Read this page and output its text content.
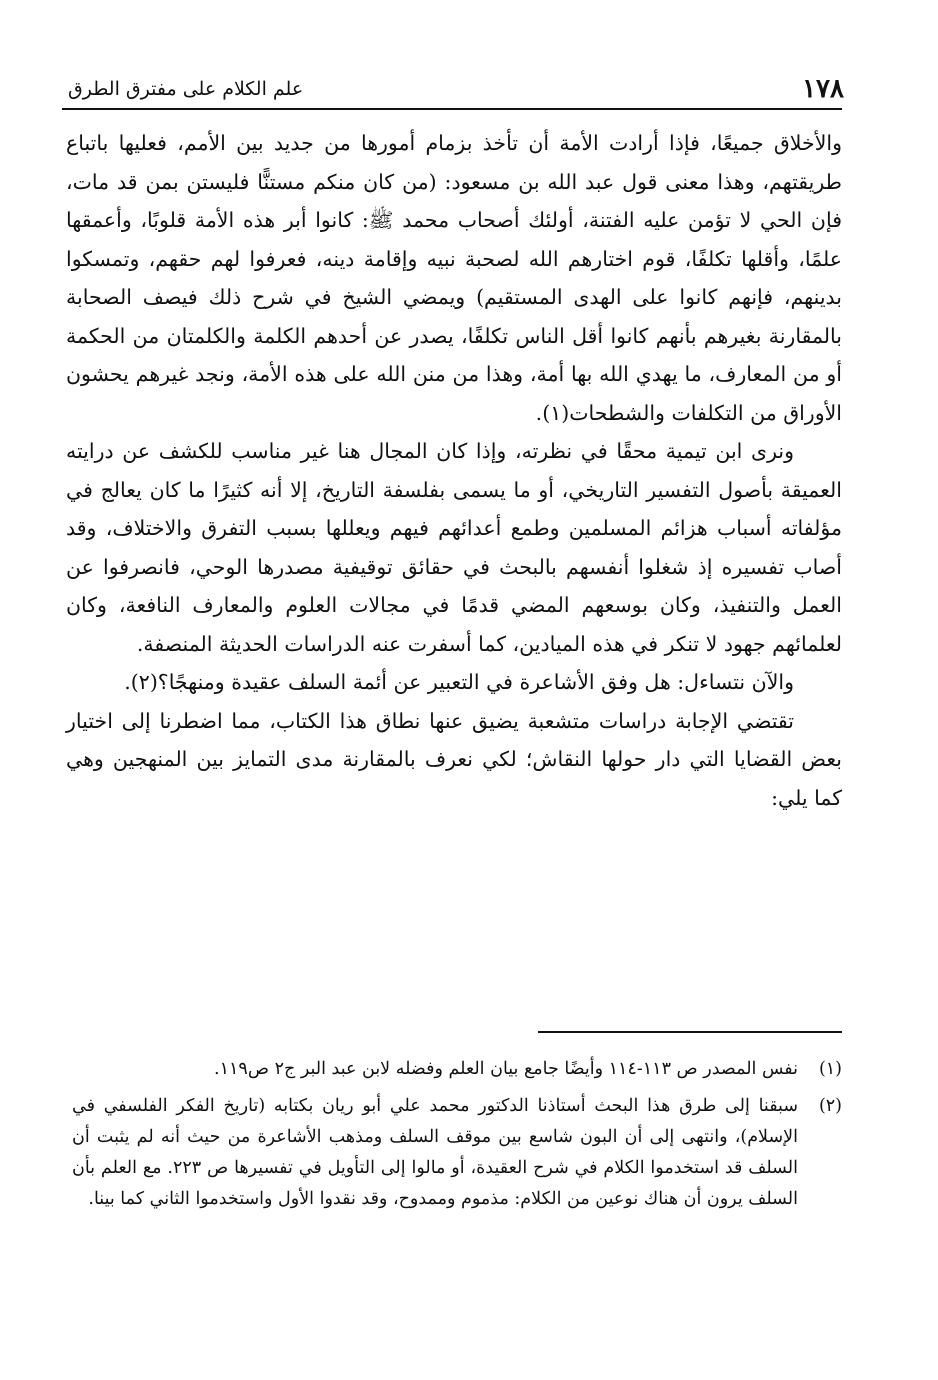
١٧٨
علم الكلام على مفترق الطرق

والأخلاق جميعًا، فإذا أرادت الأمة أن تأخذ بزمام أمورها من جديد بين الأمم، فعليها باتباع طريقتهم، وهذا معنى قول عبد الله بن مسعود: (من كان منكم مستنًّا فليستن بمن قد مات، فإن الحي لا تؤمن عليه الفتنة، أولئك أصحاب محمد ﷺ: كانوا أبر هذه الأمة قلوبًا، وأعمقها علمًا، وأقلها تكلفًا، قوم اختارهم الله لصحبة نبيه وإقامة دينه، فعرفوا لهم حقهم، وتمسكوا بدينهم، فإنهم كانوا على الهدى المستقيم) ويمضي الشيخ في شرح ذلك فيصف الصحابة بالمقارنة بغيرهم بأنهم كانوا أقل الناس تكلفًا، يصدر عن أحدهم الكلمة والكلمتان من الحكمة أو من المعارف، ما يهدي الله بها أمة، وهذا من منن الله على هذه الأمة، ونجد غيرهم يحشون الأوراق من التكلفات والشطحات(١).

ونرى ابن تيمية محقًا في نظرته، وإذا كان المجال هنا غير مناسب للكشف عن درايته العميقة بأصول التفسير التاريخي، أو ما يسمى بفلسفة التاريخ، إلا أنه كثيرًا ما كان يعالج في مؤلفاته أسباب هزائم المسلمين وطمع أعدائهم فيهم ويعللها بسبب التفرق والاختلاف، وقد أصاب تفسيره إذ شغلوا أنفسهم بالبحث في حقائق توقيفية مصدرها الوحي، فانصرفوا عن العمل والتنفيذ، وكان بوسعهم المضي قدمًا في مجالات العلوم والمعارف النافعة، وكان لعلمائهم جهود لا تنكر في هذه الميادين، كما أسفرت عنه الدراسات الحديثة المنصفة.

والآن نتساءل: هل وفق الأشاعرة في التعبير عن أئمة السلف عقيدة ومنهجًا؟(٢).

تقتضي الإجابة دراسات متشعبة يضيق عنها نطاق هذا الكتاب، مما اضطرنا إلى اختيار بعض القضايا التي دار حولها النقاش؛ لكي نعرف بالمقارنة مدى التمايز بين المنهجين وهي كما يلي:

(١)
نفس المصدر ص ١١٣-١١٤ وأيضًا جامع بيان العلم وفضله لابن عبد البر ج٢ ص١١٩.
(٢)
سبقنا إلى طرق هذا البحث أستاذنا الدكتور محمد علي أبو ريان بكتابه (تاريخ الفكر الفلسفي في الإسلام)، وانتهى إلى أن البون شاسع بين موقف السلف ومذهب الأشاعرة من حيث أنه لم يثبت أن السلف قد استخدموا الكلام في شرح العقيدة، أو مالوا إلى التأويل في تفسيرها ص ٢٢٣. مع العلم بأن السلف يرون أن هناك نوعين من الكلام: مذموم وممدوح، وقد نقدوا الأول واستخدموا الثاني كما بينا.
